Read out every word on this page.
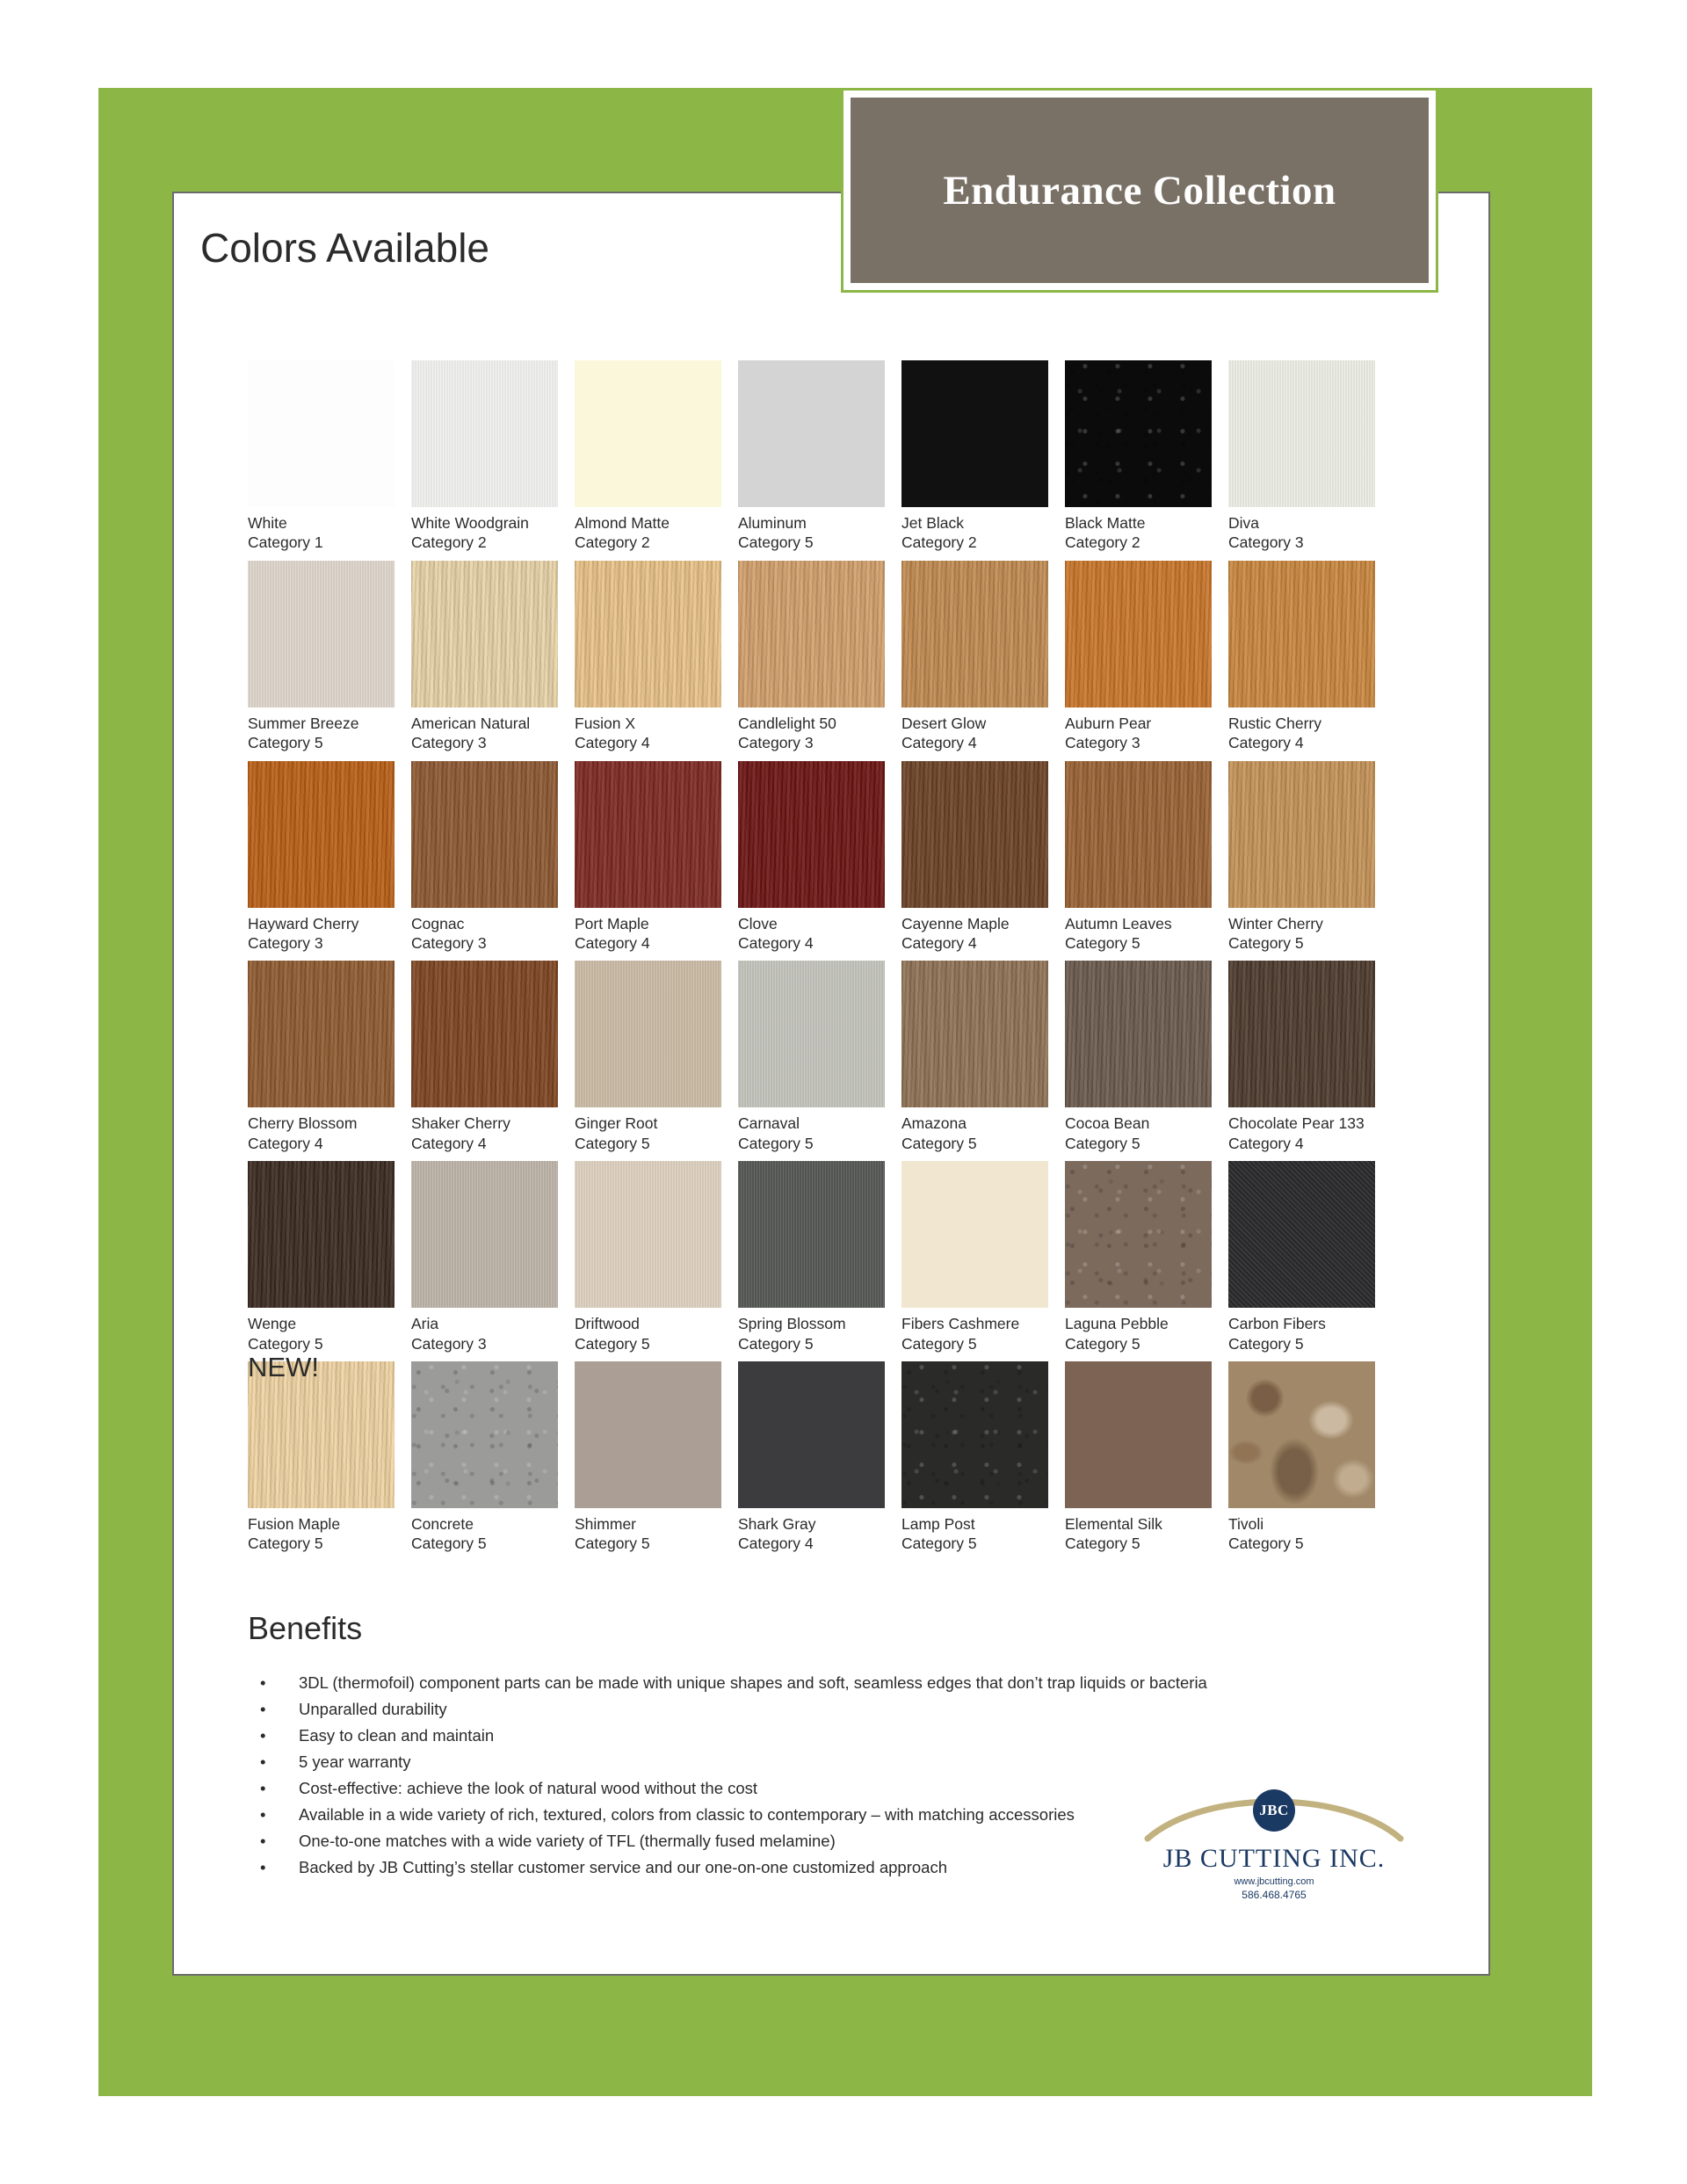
Endurance Collection
Colors Available
White
Category 1
White Woodgrain
Category 2
Almond Matte
Category 2
Aluminum
Category 5
Jet Black
Category 2
Black Matte
Category 2
Diva
Category 3
Summer Breeze
Category 5
American Natural
Category 3
Fusion X
Category 4
Candlelight 50
Category 3
Desert Glow
Category 4
Auburn Pear
Category 3
Rustic Cherry
Category 4
Hayward Cherry
Category 3
Cognac
Category 3
Port Maple
Category 4
Clove
Category 4
Cayenne Maple
Category 4
Autumn Leaves
Category 5
Winter Cherry
Category 5
Cherry Blossom
Category 4
Shaker Cherry
Category 4
Ginger Root
Category 5
Carnaval
Category 5
Amazona
Category 5
Cocoa Bean
Category 5
Chocolate Pear 133
Category 4
Wenge
Category 5
Aria
Category 3
Driftwood
Category 5
Spring Blossom
Category 5
Fibers Cashmere
Category 5
Laguna Pebble
Category 5
Carbon Fibers
Category 5
Fusion Maple
Category 5
Concrete
Category 5
Shimmer
Category 5
Shark Gray
Category 4
Lamp Post
Category 5
Elemental Silk
Category 5
Tivoli
Category 5
NEW!
Benefits
•	3DL (thermofoil) component parts can be made with unique shapes and soft, seamless edges that don’t trap liquids or bacteria
•	Unparalled durability
•	Easy to clean and maintain
•	5 year warranty
•	Cost-effective: achieve the look of natural wood without the cost
•	Available in a wide variety of rich, textured, colors from classic to contemporary – with matching accessories
•	One-to-one matches with a wide variety of TFL (thermally fused melamine)
•	Backed by JB Cutting’s stellar customer service and our one-on-one customized approach
JBC
JB CUTTING INC.
www.jbcutting.com
586.468.4765
